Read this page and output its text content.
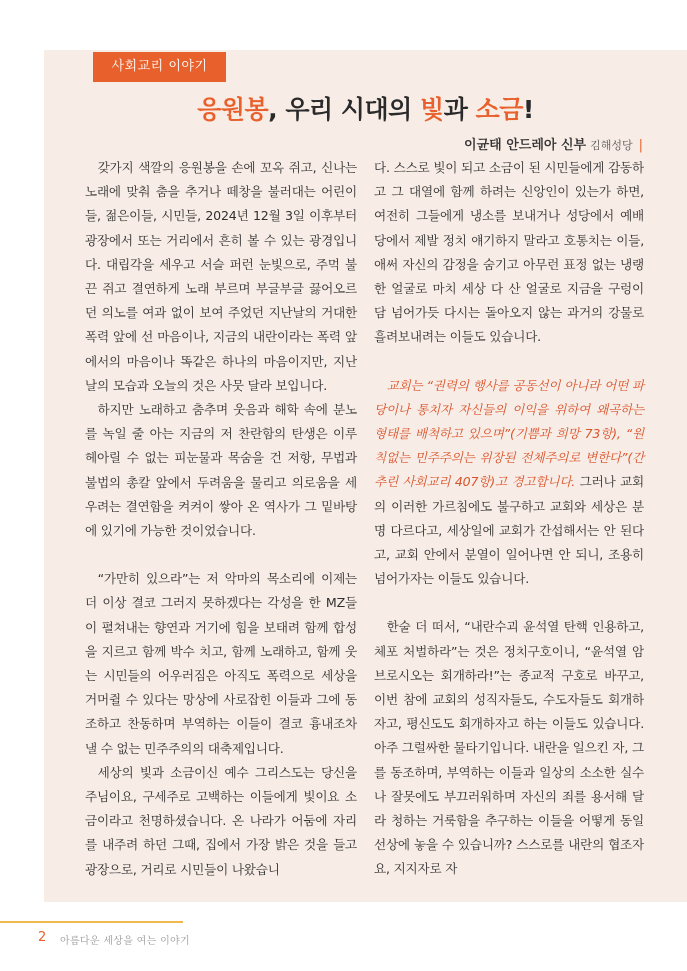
사회교리 이야기
응원봉, 우리 시대의 빛과 소금!
이균태 안드레아 신부 김해성당 |

갖가지 색깔의 응원봉을 손에 꼬옥 쥐고, 신나는 노래에 맞춰 춤을 추거나 떼창을 불러대는 어린이들, 젊은이들, 시민들, 2024년 12월 3일 이후부터 광장에서 또는 거리에서 흔히 볼 수 있는 광경입니다. 대립각을 세우고 서슬 퍼런 눈빛으로, 주먹 불끈 쥐고 결연하게 노래 부르며 부글부글 끓어오르던 의노를 여과 없이 보여 주었던 지난날의 거대한 폭력 앞에 선 마음이나, 지금의 내란이라는 폭력 앞에서의 마음이나 똑같은 하나의 마음이지만, 지난날의 모습과 오늘의 것은 사뭇 달라 보입니다.

하지만 노래하고 춤추며 웃음과 해학 속에 분노를 녹일 줄 아는 지금의 저 찬란함의 탄생은 이루 헤아릴 수 없는 피눈물과 목숨을 건 저항, 무법과 불법의 총칼 앞에서 두려움을 물리고 의로움을 세우려는 결연함을 켜켜이 쌓아 온 역사가 그 밑바탕에 있기에 가능한 것이었습니다.

“가만히 있으라”는 저 악마의 목소리에 이제는 더 이상 결코 그러지 못하겠다는 각성을 한 MZ들이 펼쳐내는 향연과 거기에 힘을 보태려 함께 합성을 지르고 함께 박수 치고, 함께 노래하고, 함께 웃는 시민들의 어우러짐은 아직도 폭력으로 세상을 거머쥘 수 있다는 망상에 사로잡힌 이들과 그에 동조하고 찬동하며 부역하는 이들이 결코 흉내조차 낼 수 없는 민주주의의 대축제입니다.

세상의 빛과 소금이신 예수 그리스도는 당신을 주님이요, 구세주로 고백하는 이들에게 빛이요 소금이라고 천명하셨습니다. 온 나라가 어둠에 자리를 내주려 하던 그때, 집에서 가장 밝은 것을 들고 광장으로, 거리로 시민들이 나왔습니

다. 스스로 빛이 되고 소금이 된 시민들에게 감동하고 그 대열에 함께 하려는 신앙인이 있는가 하면, 여전히 그들에게 냉소를 보내거나 성당에서 예배당에서 제발 정치 얘기하지 말라고 호통치는 이들, 애써 자신의 감정을 숨기고 아무런 표정 없는 냉랭한 얼굴로 마치 세상 다 산 얼굴로 지금을 구렁이 담 넘어가듯 다시는 돌아오지 않는 과거의 강물로 흘려보내려는 이들도 있습니다.

교회는 “권력의 행사를 공동선이 아니라 어떤 파당이나 통치자 자신들의 이익을 위하여 왜곡하는 형태를 배척하고 있으며”(기쁨과 희망 73항), “원칙없는 민주주의는 위장된 전체주의로 변한다”(간추린 사회교리 407항)고 경고합니다. 그러나 교회의 이러한 가르침에도 불구하고 교회와 세상은 분명 다르다고, 세상일에 교회가 간섭해서는 안 된다고, 교회 안에서 분열이 일어나면 안 되니, 조용히 넘어가자는 이들도 있습니다.

한술 더 떠서, “내란수괴 윤석열 탄핵 인용하고, 체포 처벌하라”는 것은 정치구호이니, “윤석열 암브로시오는 회개하라!”는 종교적 구호로 바꾸고, 이번 참에 교회의 성직자들도, 수도자들도 회개하자고, 평신도도 회개하자고 하는 이들도 있습니다. 아주 그럴싸한 물타기입니다. 내란을 일으킨 자, 그를 동조하며, 부역하는 이들과 일상의 소소한 실수나 잘못에도 부끄러워하며 자신의 죄를 용서해 달라 청하는 거룩함을 추구하는 이들을 어떻게 동일선상에 놓을 수 있습니까? 스스로를 내란의 협조자요, 지지자로 자

2 아름다운 세상을 여는 이야기
